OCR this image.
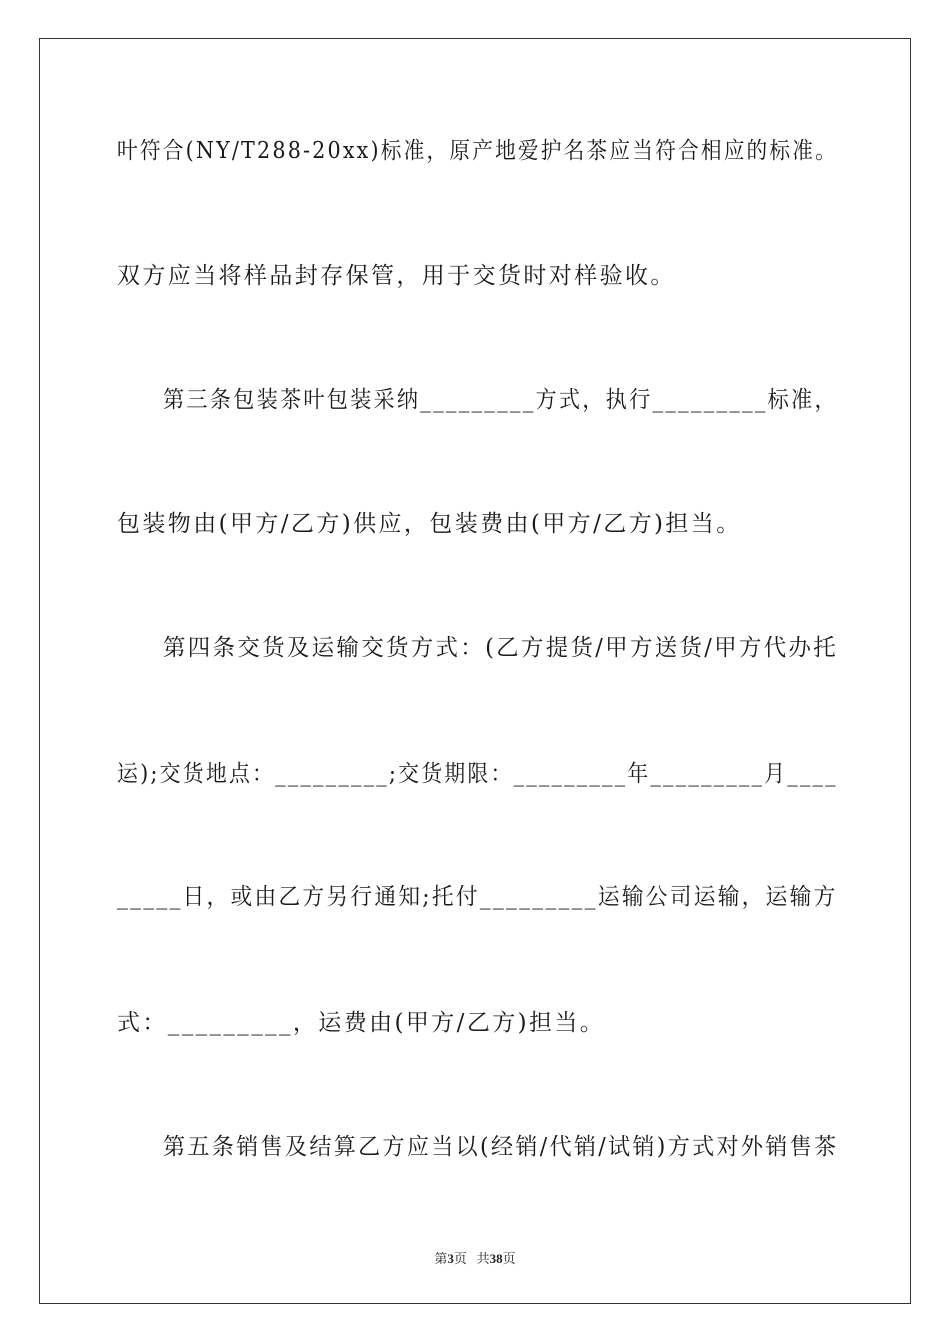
叶符合(NY/T288-20xx)标准，原产地爱护名茶应当符合相应的标准。
双方应当将样品封存保管，用于交货时对样验收。
第三条包装茶叶包装采纳_________方式，执行_________标准，
包装物由(甲方/乙方)供应，包装费由(甲方/乙方)担当。
第四条交货及运输交货方式：(乙方提货/甲方送货/甲方代办托
运);交货地点：_________;交货期限：_________年_________月____
_____日，或由乙方另行通知;托付_________运输公司运输，运输方
式：_________，运费由(甲方/乙方)担当。
第五条销售及结算乙方应当以(经销/代销/试销)方式对外销售茶
第3页 共38页
